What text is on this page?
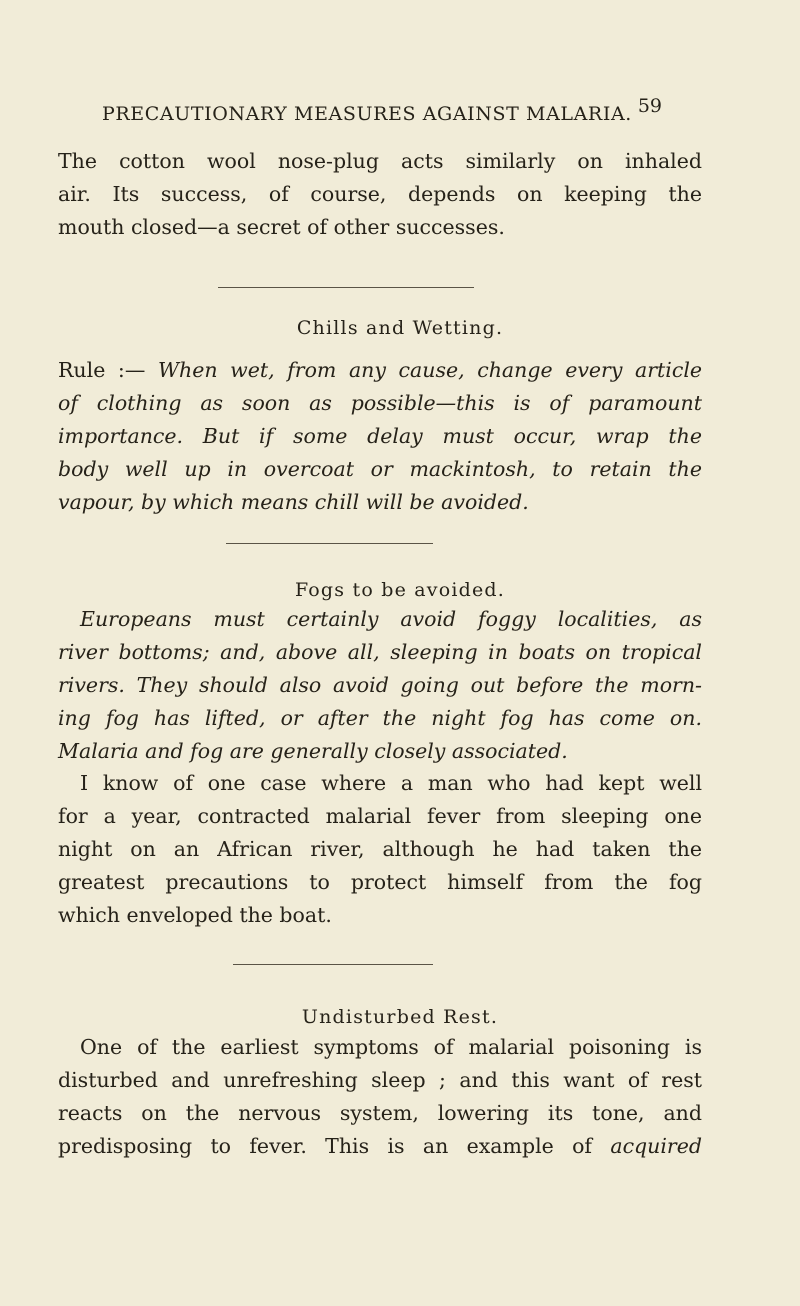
PRECAUTIONARY MEASURES AGAINST MALARIA. 59

The cotton wool nose-plug acts similarly on inhaled

air. Its success, of course, depends on keeping the

mouth closed—a secret of other successes.

Chills and Wetting.

Rule :— When wet, from any cause, change every article

of clothing as soon as possible—this is of paramount

importance. But if some delay must occur, wrap the

body well up in overcoat or mackintosh, to retain the

vapour, by which means chill will be avoided.

Fogs to be avoided.

Europeans must certainly avoid foggy localities, as

river bottoms; and, above all, sleeping in boats on tropical

rivers. They should also avoid going out before the morn-

ing fog has lifted, or after the night fog has come on.

Malaria and fog are generally closely associated.

I know of one case where a man who had kept well

for a year, contracted malarial fever from sleeping one

night on an African river, although he had taken the

greatest precautions to protect himself from the fog

which enveloped the boat.

Undisturbed Rest.

One of the earliest symptoms of malarial poisoning is

disturbed and unrefreshing sleep ; and this want of rest

reacts on the nervous system, lowering its tone, and

predisposing to fever. This is an example of acquired
